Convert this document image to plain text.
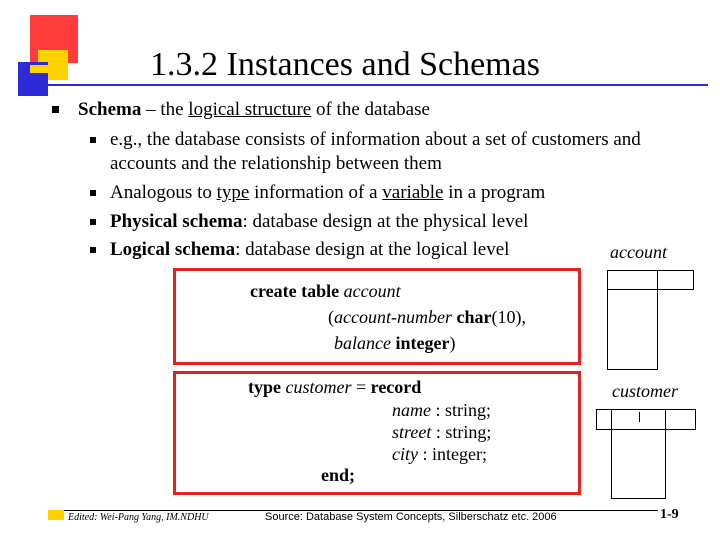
1.3.2 Instances and Schemas
Schema – the logical structure of the database
e.g., the database consists of information about a set of customers and
accounts and the relationship between them
Analogous to type information of a variable in a program
Physical schema: database design at the physical level
Logical schema: database design at the logical level	account
create table account
(account-number char(10),
balance integer)
type customer = record
name : string;
street : string;
city : integer;
end;
customer
Edited: Wei-Pang Yang, IM.NDHU	Source: Database System Concepts, Silberschatz etc. 2006	1-9
